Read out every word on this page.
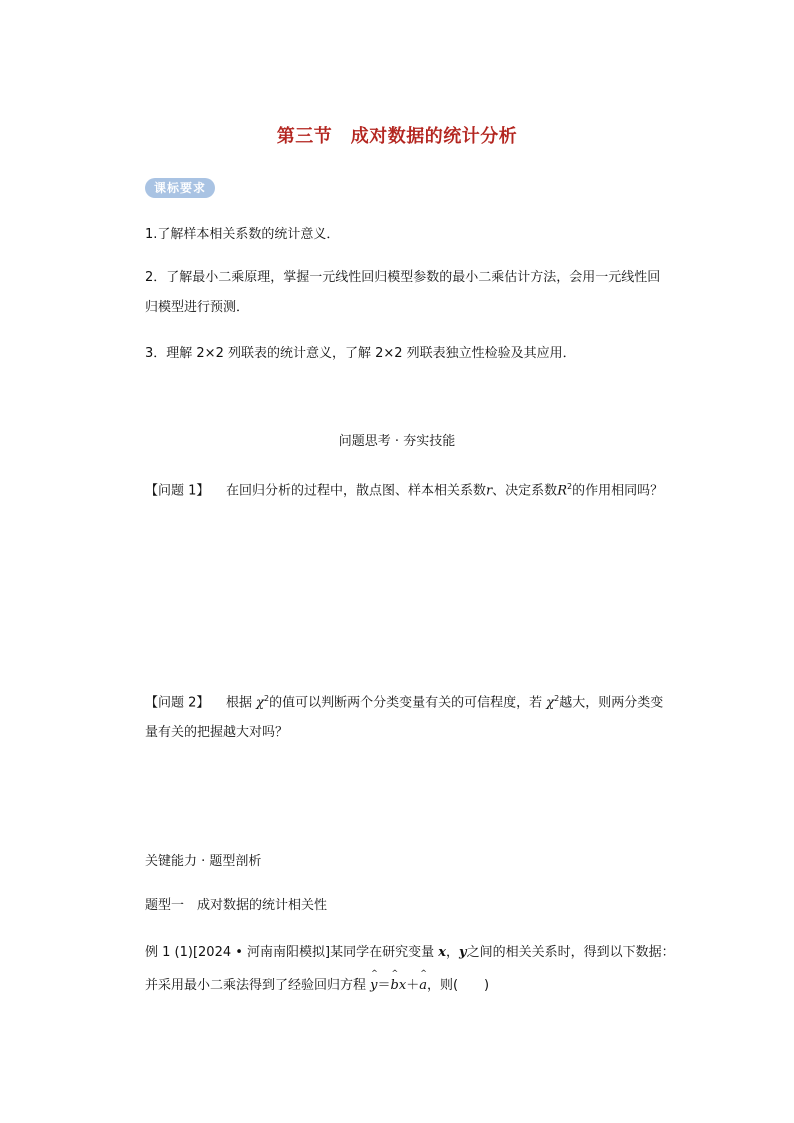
第三节　成对数据的统计分析
课标要求
1.了解样本相关系数的统计意义．
2．了解最小二乘原理，掌握一元线性回归模型参数的最小二乘估计方法，会用一元线性回归模型进行预测．
3．理解 2×2 列联表的统计意义，了解 2×2 列联表独立性检验及其应用．
问题思考 · 夯实技能
【问题 1】 在回归分析的过程中，散点图、样本相关系数r、决定系数$R^2$的作用相同吗？
【问题 2】 根据 $\chi^2$的值可以判断两个分类变量有关的可信程度，若 $\chi^2$越大，则两分类变量有关的把握越大对吗？
关键能力 · 题型剖析
题型一　成对数据的统计相关性
例 1 (1)[2024 • 河南南阳模拟]某同学在研究变量 x，y之间的相关关系时，得到以下数据：并采用最小二乘法得到了经验回归方程 ^ y＝^ bx＋^ a，则(　　)
